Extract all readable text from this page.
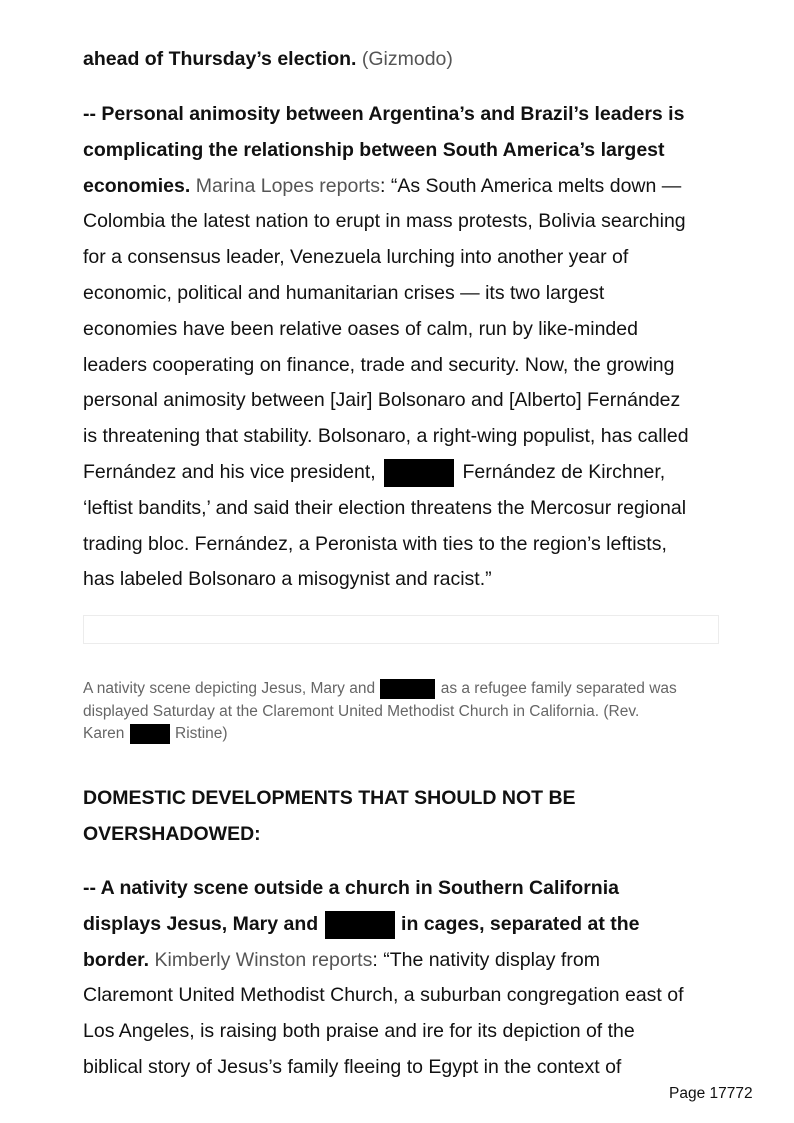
ahead of Thursday’s election. (Gizmodo)

-- Personal animosity between Argentina’s and Brazil’s leaders is
complicating the relationship between South America’s largest
economies. Marina Lopes reports: “As South America melts down —
Colombia the latest nation to erupt in mass protests, Bolivia searching
for a consensus leader, Venezuela lurching into another year of
economic, political and humanitarian crises — its two largest
economies have been relative oases of calm, run by like-minded
leaders cooperating on finance, trade and security. Now, the growing
personal animosity between [Jair] Bolsonaro and [Alberto] Fernández
is threatening that stability. Bolsonaro, a right-wing populist, has called
Fernández and his vice president,	Fernández de Kirchner,
‘leftist bandits,’ and said their election threatens the Mercosur regional
trading bloc. Fernández, a Peronista with ties to the region’s leftists,
has labeled Bolsonaro a misogynist and racist.”

A nativity scene depicting Jesus, Mary and	as a refugee family separated was
displayed Saturday at the Claremont United Methodist Church in California. (Rev.
Karen	Ristine)
DOMESTIC DEVELOPMENTS THAT SHOULD NOT BE
OVERSHADOWED:

-- A nativity scene outside a church in Southern California
displays Jesus, Mary and	in cages, separated at the
border. Kimberly Winston reports: “The nativity display from
Claremont United Methodist Church, a suburban congregation east of
Los Angeles, is raising both praise and ire for its depiction of the
biblical story of Jesus’s family fleeing to Egypt in the context of

Page 17772
